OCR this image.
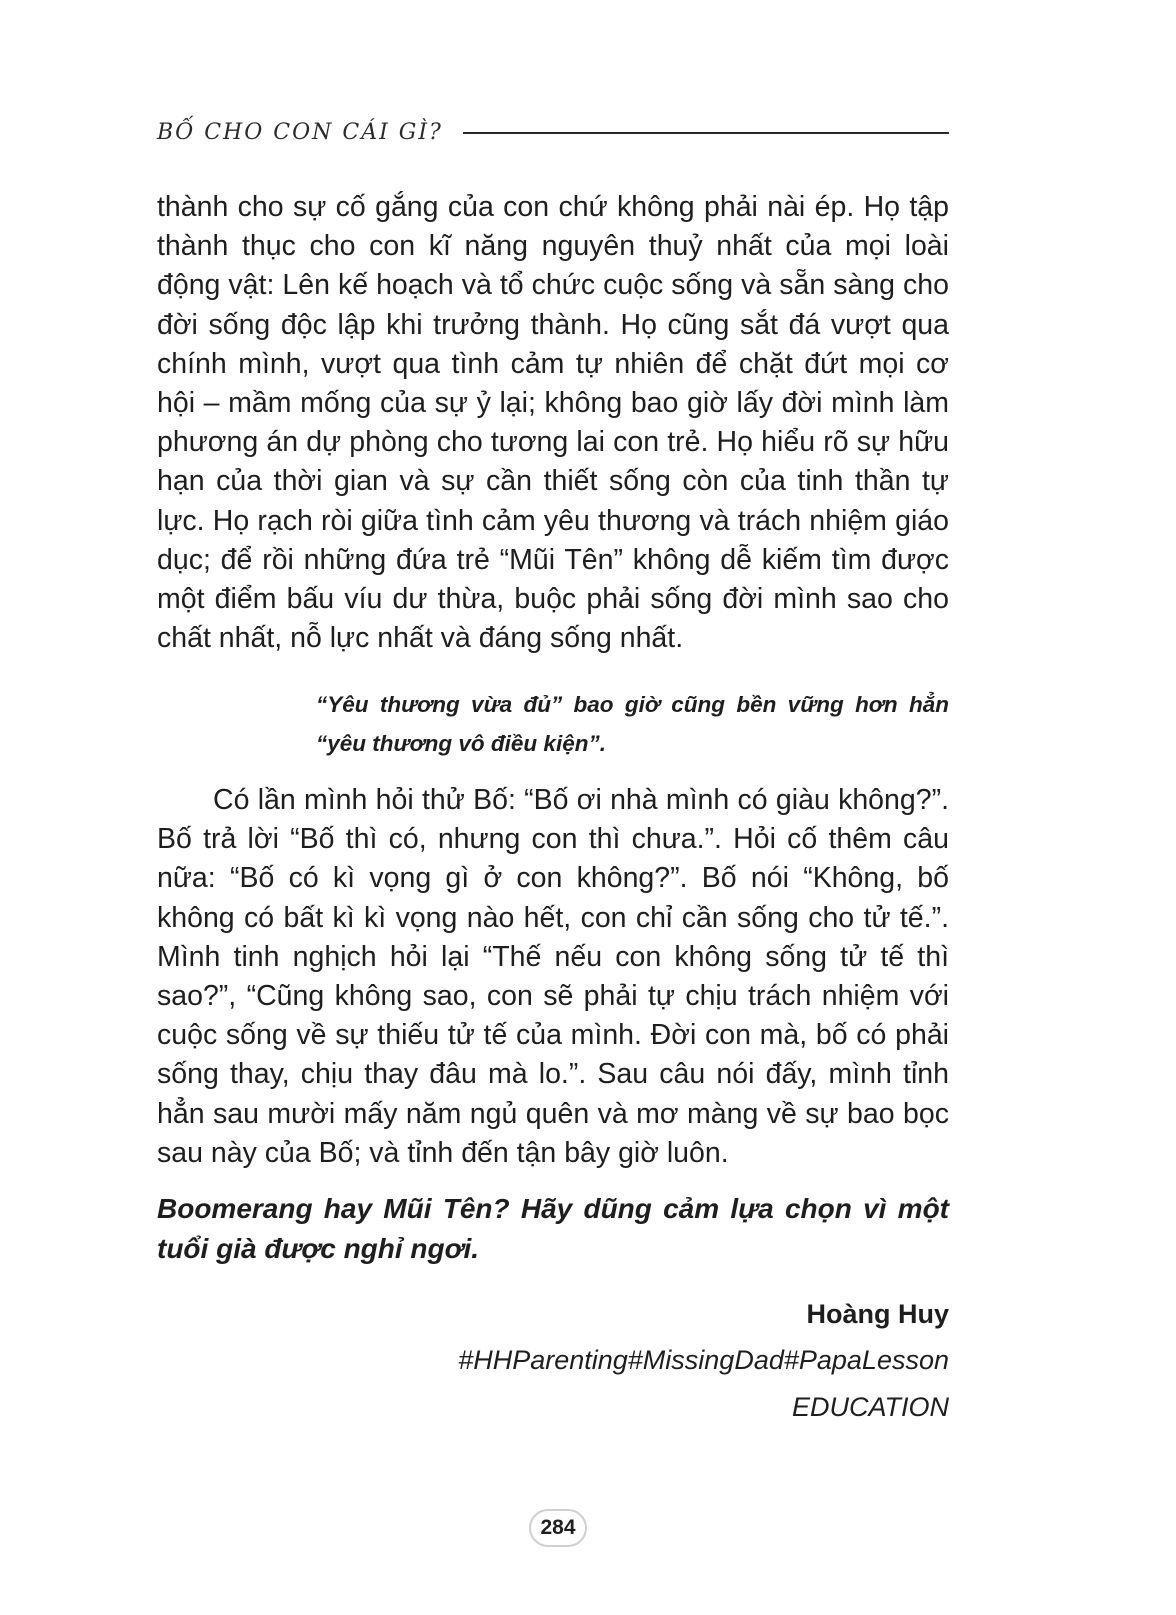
BỐ CHO CON CÁI GÌ?

thành cho sự cố gắng của con chứ không phải nài ép. Họ tập thành thục cho con kĩ năng nguyên thuỷ nhất của mọi loài động vật: Lên kế hoạch và tổ chức cuộc sống và sẵn sàng cho đời sống độc lập khi trưởng thành. Họ cũng sắt đá vượt qua chính mình, vượt qua tình cảm tự nhiên để chặt đứt mọi cơ hội – mầm mống của sự ỷ lại; không bao giờ lấy đời mình làm phương án dự phòng cho tương lai con trẻ. Họ hiểu rõ sự hữu hạn của thời gian và sự cần thiết sống còn của tinh thần tự lực. Họ rạch ròi giữa tình cảm yêu thương và trách nhiệm giáo dục; để rồi những đứa trẻ “Mũi Tên” không dễ kiếm tìm được một điểm bấu víu dư thừa, buộc phải sống đời mình sao cho chất nhất, nỗ lực nhất và đáng sống nhất.

“Yêu thương vừa đủ” bao giờ cũng bền vững hơn hẳn “yêu thương vô điều kiện”.

Có lần mình hỏi thử Bố: “Bố ơi nhà mình có giàu không?”. Bố trả lời “Bố thì có, nhưng con thì chưa.”. Hỏi cố thêm câu nữa: “Bố có kì vọng gì ở con không?”. Bố nói “Không, bố không có bất kì kì vọng nào hết, con chỉ cần sống cho tử tế.”. Mình tinh nghịch hỏi lại “Thế nếu con không sống tử tế thì sao?”, “Cũng không sao, con sẽ phải tự chịu trách nhiệm với cuộc sống về sự thiếu tử tế của mình. Đời con mà, bố có phải sống thay, chịu thay đâu mà lo.”. Sau câu nói đấy, mình tỉnh hẳn sau mười mấy năm ngủ quên và mơ màng về sự bao bọc sau này của Bố; và tỉnh đến tận bây giờ luôn.

Boomerang hay Mũi Tên? Hãy dũng cảm lựa chọn vì một tuổi già được nghỉ ngơi.

Hoàng Huy
#HHParenting#MissingDad#PapaLesson
EDUCATION
284
